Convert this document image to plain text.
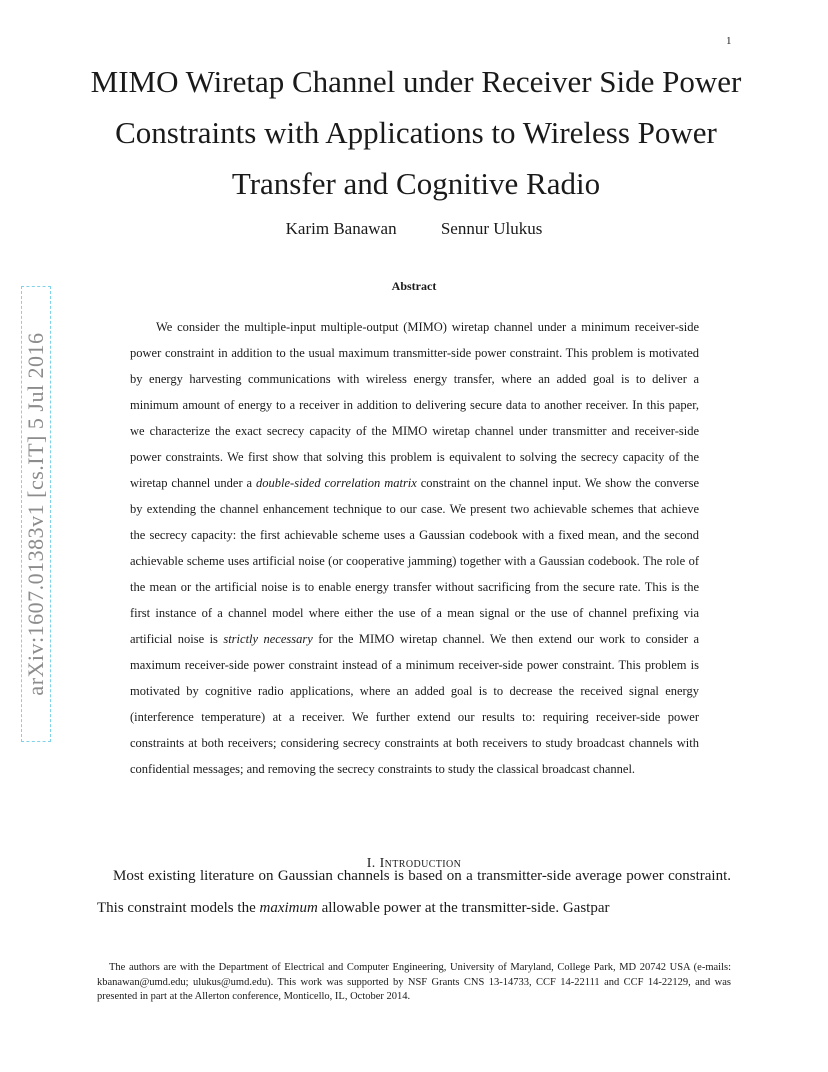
1
MIMO Wiretap Channel under Receiver Side Power Constraints with Applications to Wireless Power Transfer and Cognitive Radio
Karim Banawan	Sennur Ulukus
arXiv:1607.01383v1 [cs.IT] 5 Jul 2016
Abstract

We consider the multiple-input multiple-output (MIMO) wiretap channel under a minimum receiver-side power constraint in addition to the usual maximum transmitter-side power constraint. This problem is motivated by energy harvesting communications with wireless energy transfer, where an added goal is to deliver a minimum amount of energy to a receiver in addition to delivering secure data to another receiver. In this paper, we characterize the exact secrecy capacity of the MIMO wiretap channel under transmitter and receiver-side power constraints. We first show that solving this problem is equivalent to solving the secrecy capacity of the wiretap channel under a double-sided correlation matrix constraint on the channel input. We show the converse by extending the channel enhancement technique to our case. We present two achievable schemes that achieve the secrecy capacity: the first achievable scheme uses a Gaussian codebook with a fixed mean, and the second achievable scheme uses artificial noise (or cooperative jamming) together with a Gaussian codebook. The role of the mean or the artificial noise is to enable energy transfer without sacrificing from the secure rate. This is the first instance of a channel model where either the use of a mean signal or the use of channel prefixing via artificial noise is strictly necessary for the MIMO wiretap channel. We then extend our work to consider a maximum receiver-side power constraint instead of a minimum receiver-side power constraint. This problem is motivated by cognitive radio applications, where an added goal is to decrease the received signal energy (interference temperature) at a receiver. We further extend our results to: requiring receiver-side power constraints at both receivers; considering secrecy constraints at both receivers to study broadcast channels with confidential messages; and removing the secrecy constraints to study the classical broadcast channel.

I. Introduction

Most existing literature on Gaussian channels is based on a transmitter-side average power constraint. This constraint models the maximum allowable power at the transmitter-side. Gastpar

The authors are with the Department of Electrical and Computer Engineering, University of Maryland, College Park, MD 20742 USA (e-mails: kbanawan@umd.edu; ulukus@umd.edu). This work was supported by NSF Grants CNS 13-14733, CCF 14-22111 and CCF 14-22129, and was presented in part at the Allerton conference, Monticello, IL, October 2014.
